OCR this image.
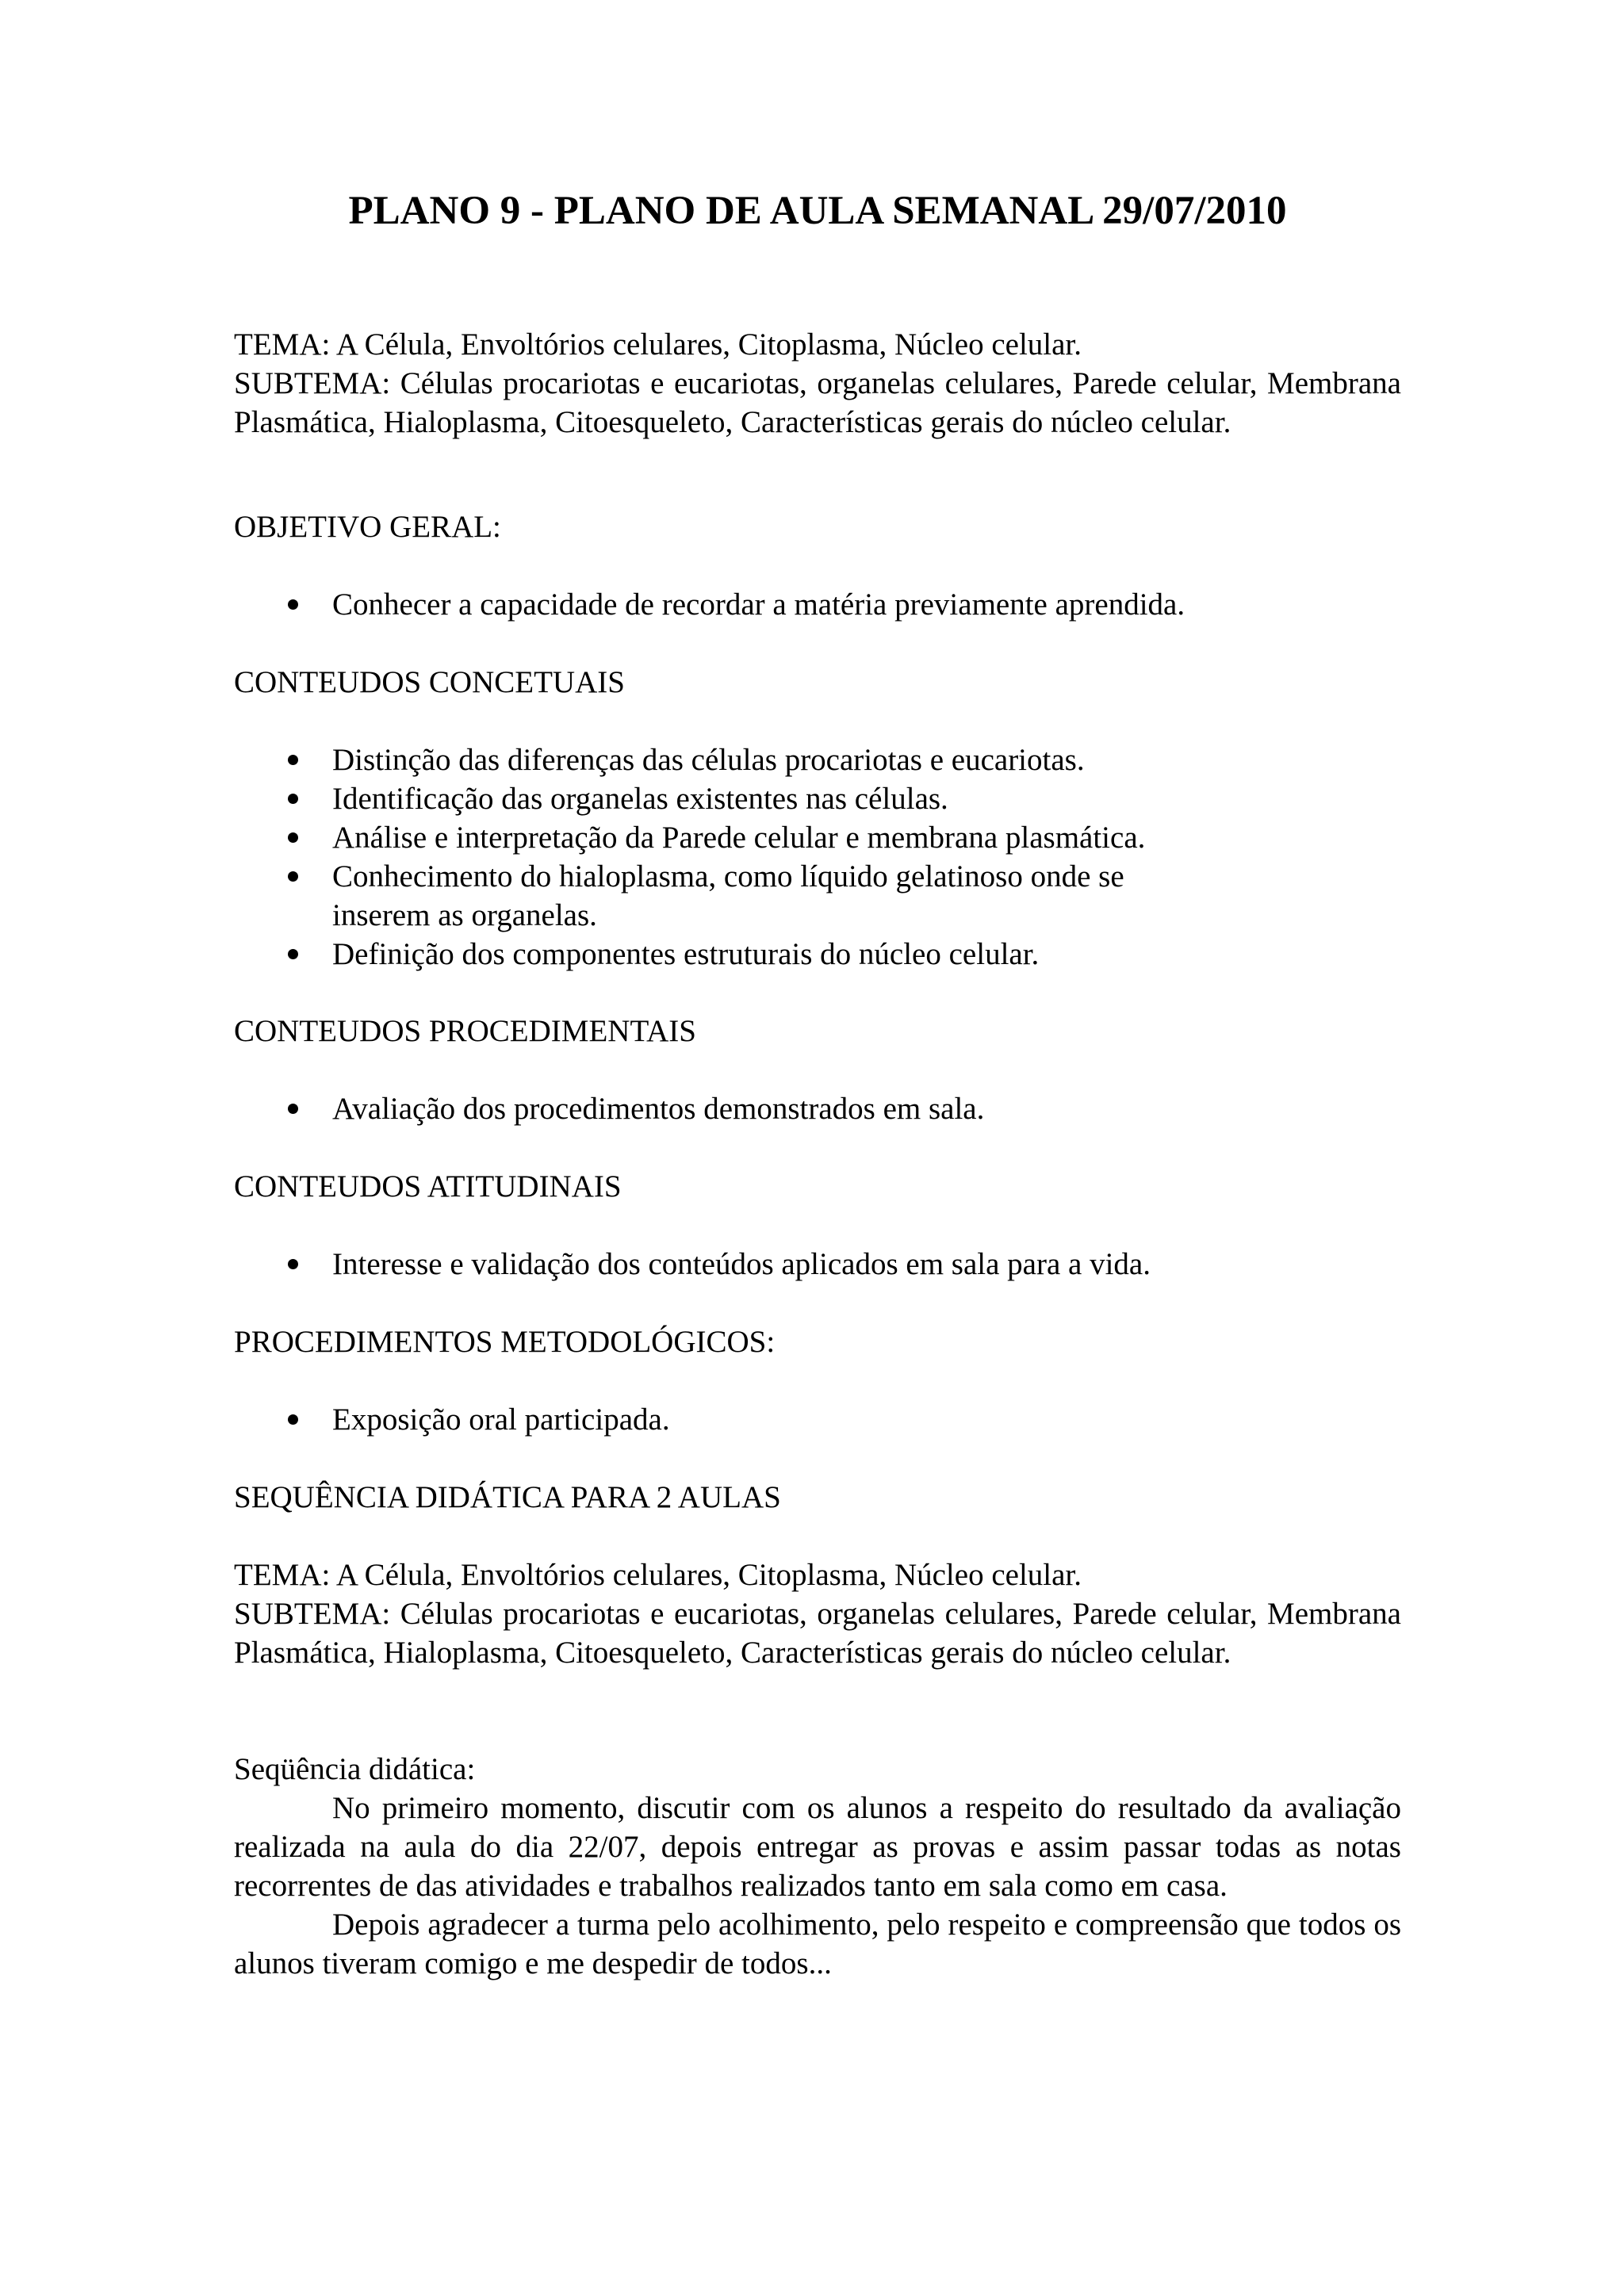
PLANO 9 - PLANO DE AULA SEMANAL 29/07/2010

TEMA: A Célula, Envoltórios celulares, Citoplasma, Núcleo celular.

SUBTEMA: Células procariotas e eucariotas, organelas celulares, Parede celular, Membrana Plasmática, Hialoplasma, Citoesqueleto, Características gerais do núcleo celular.

OBJETIVO GERAL:

Conhecer a capacidade de recordar a matéria previamente aprendida.

CONTEUDOS CONCETUAIS

Distinção das diferenças das células procariotas e eucariotas.
Identificação das organelas existentes nas células.
Análise e interpretação da Parede celular e membrana plasmática.
Conhecimento do hialoplasma, como líquido gelatinoso onde se inserem as organelas.
Definição dos componentes estruturais do núcleo celular.

CONTEUDOS PROCEDIMENTAIS

Avaliação dos procedimentos demonstrados em sala.

CONTEUDOS ATITUDINAIS

Interesse e validação dos conteúdos aplicados em sala para a vida.

PROCEDIMENTOS METODOLÓGICOS:

Exposição oral participada.

SEQUÊNCIA DIDÁTICA PARA 2 AULAS

TEMA: A Célula, Envoltórios celulares, Citoplasma, Núcleo celular.

SUBTEMA: Células procariotas e eucariotas, organelas celulares, Parede celular, Membrana Plasmática, Hialoplasma, Citoesqueleto, Características gerais do núcleo celular.

Seqüência didática:

No primeiro momento, discutir com os alunos a respeito do resultado da avaliação realizada na aula do dia 22/07, depois entregar as provas e assim passar todas as notas recorrentes de das atividades e trabalhos realizados tanto em sala como em casa.

Depois agradecer a turma pelo acolhimento, pelo respeito e compreensão que todos os alunos tiveram comigo e me despedir de todos...
